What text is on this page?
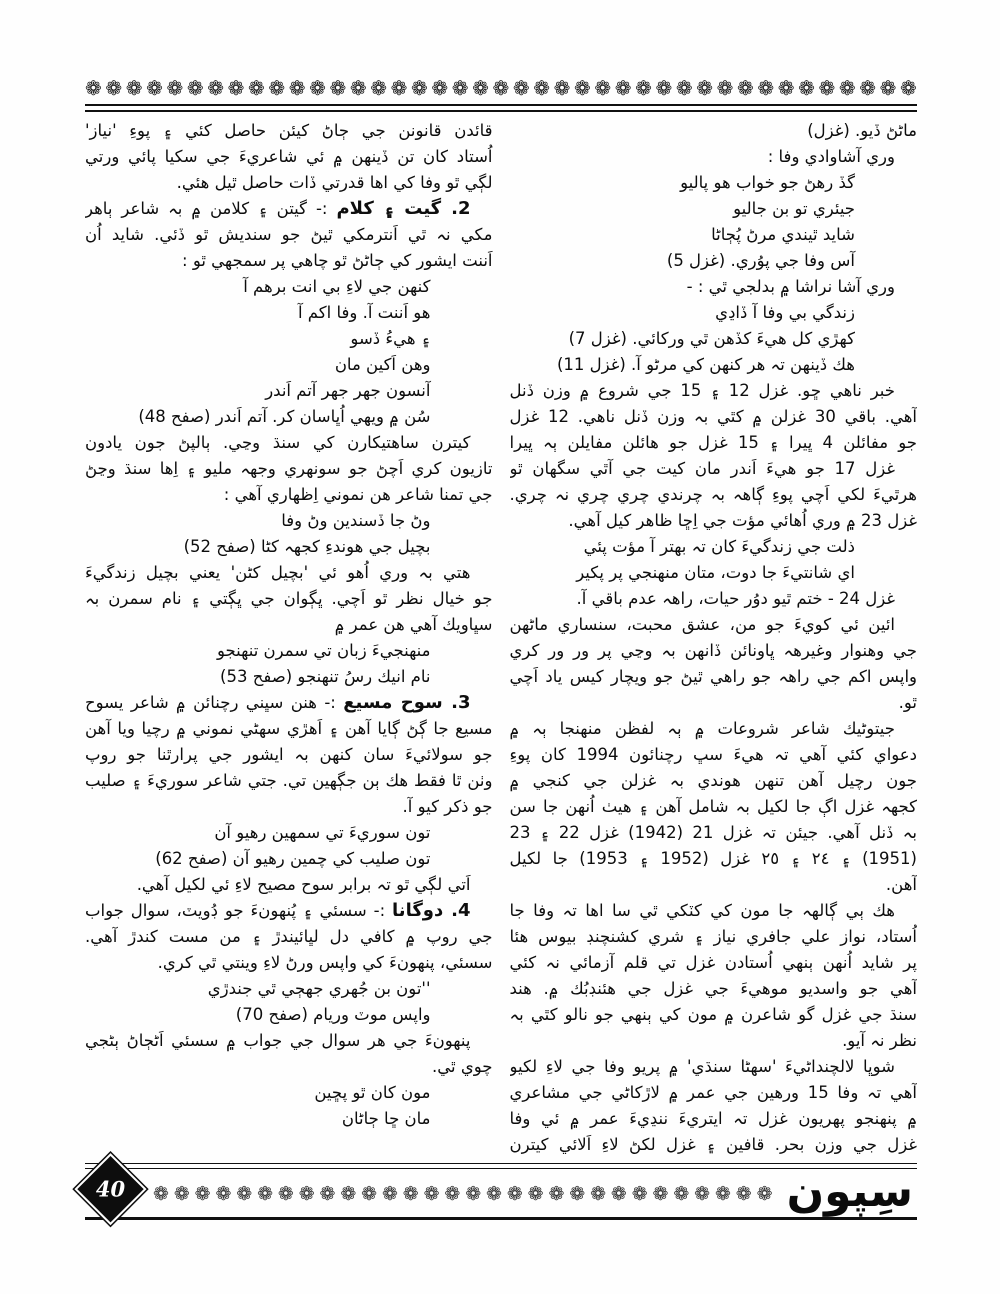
❁ ❁ ❁ ❁ ❁ ❁ ❁ ❁ ❁ ❁ ❁ ❁ ❁ ❁ ❁ ❁ ❁ ❁ ❁ ❁ ❁ ❁ ❁ ❁ ❁ ❁ ❁ ❁ ❁ ❁ ❁ ❁ ❁ ❁ ❁ ❁ ❁ ❁ ❁ ❁ ❁
ماڻڻ ڏيو. (غزل)
وري آشاوادي وفا :
گڏ رهڻ جو خواب هو پاليو
جيئري تو بن جاليو
شايد ٿيندي مرڻ پُڄاڻا
آس وفا جي پوُري. (غزل 5)
وري آشا نراشا ۾ بدلجي ٿي : -
زندگي بي وفا آ ڏاڍي
كهڙي كل هيءَ كڏهن ٿي وركائي. (غزل 7)
هك ڏينهن تہ هر كنهن كي مرڻو آ. (غزل 11)
خبر ناهي ڇو. غزل 12 ۽ 15 جي شروع ۾ وزن ڏنل
آهي. باقي 30 غزلن ۾ كٿي بہ وزن ڏنل ناهي. 12 غزل
جو مفائلن 4 ڀيرا ۽ 15 غزل جو هائلن مفايلن ٻہ ڀيرا
غزل 17 جو هيءَ اَندر مان كيت جي آٿي سگهان ٿو
هرٿيءَ لكي اَچي پوءِ ڳاهہ بہ چرندي چري چري نہ چري.
غزل 23 ۾ وري اُهائي مؤت جي اِڇا ظاهر كيل آهي.
ذلت جي زندگيءَ كان تہ بهتر آ مؤت پئي
اي شانتيءَ جا دوت، متان منهنجي پر پكير
غزل 24 - ختم ٿيو دوُر حيات، راهہ عدم باقي آ.
ائين ئي كويءَ جو من، عشق محبت، سنساري ماڻهن
جي وهنوار وغيرهہ ڀاونائن ڏانهن بہ وڃي پر ور ور كري
واپس اكم جي راهہ جو راهي ٿيڻ جو ويچار كيس ياد اَچي
ٿو.
جيتوڻيك شاعر شروعات ۾ ٻہ لفظن منهنجا ٻہ ۾
دعواي كئي آهي تہ هيءَ سڀ رچنائون 1994 كان پوءِ
جون رچيل آهن تنهن هوندي بہ غزلن جي كنجي ۾
كجهہ غزل اڳ جا لكيل بہ شامل آهن ۽ هيٺ اُنهن جا سن
بہ ڏنل آهي. جيئن تہ غزل 21 (1942) غزل 22 ۽ 23
(1951) ۽ ٢٤ ۽ ٢٥ غزل (1952 ۽ 1953) جا لكيل
آهن.
هك ٻي ڳالهہ جا مون كي كٽكي ٿي سا اها تہ وفا جا
اُستاد، نواز علي جافري نياز ۽ شري كشنچنڊ بيوس هئا
پر شايد اُنهن ٻنهي اُستادن غزل تي قلم آزمائي نہ كئي
آهي جو واسديو موهيءَ جي غزل جي هئنڊبُك ۾. هند
سنڌ جي غزل گو شاعرن ۾ مون كي ٻنهي جو نالو كٿي بہ
نظر نہ آيو.
شوڀا لالچنداڻيءَ 'سهڻا سنڌي' ۾ پريو وفا جي لاءِ لكيو
آهي تہ وفا 15 ورهين جي عمر ۾ لاڙكاڻي جي مشاعري
۾ پنهنجو پهريون غزل تہ ايتريءَ ننڍيءَ عمر ۾ ئي وفا
غزل جي وزن بحر. قافين ۽ غزل لكڻ لاءِ اَلائي كيترن
قائدن قانونن جي ڄاڻ كيئن حاصل كئي ۽ پوءِ 'نياز'
اُستاد كان تن ڏينهن ۾ ئي شاعريءَ جي سكيا پائي ورتي
لڳي ٿو وفا كي اها قدرتي ڏات حاصل ٿيل هئي.
2. گيت ۽ كلام :- گيتن ۽ كلامن ۾ بہ شاعر ٻاهر
مكي نہ ٿي اَنترمكي ٿيڻ جو سنديش ٿو ڏئي. شايد اُن
اَننت ايشور كي ڄاڻڻ ٿو چاهي پر سمجهي ٿو :
كنهن جي لاءِ بي انت برهم آ
هو اَننت آ. وفا اكم آ
۽ هيءُ ڏسو
وهن اَكين مان
آنسون جهر جهر آتم اَندر
سُن ۾ ويهي اُڀاسان كر. آتم اَندر (صفح 48)
كيترن ساهتيكارن كي سنڌ وڃي. ٻالپڻ جون يادون
تازيون كري اَچڻ جو سونهري وجهہ مليو ۽ اِها سنڌ وڃڻ
جي تمنا شاعر هن نموني اِظهاري آهي :
وڻ جا ڏسندين وڻ وفا
بچيل جي هوندءِ كجهہ كڻا (صفح 52)
هتي بہ وري اُهو ئي 'بچيل كڻن' يعني بچيل زندگيءَ
جو خيال نظر ٿو اَچي. ڀڳوان جي ڀڳتي ۽ نام سمرن بہ
سڀاويك آهي هن عمر ۾
منهنجيءَ زبان تي سمرن تنهنجو
نام انيك رسُ تنهنجو (صفح 53)
3. سوح مسيع :- هنن سڀني رچنائن ۾ شاعر يسوح
مسيع جا ڳڻ ڳايا آهن ۽ اَهڙي سهڻي نموني ۾ رچيا ويا آهن
جو سولائيءَ سان كنهن بہ ايشور جي پرارٿنا جو روپ
وٺن ٿا فقط هك ٻن جڳهين تي. جتي شاعر سوريءَ ۽ صليب
جو ذكر كيو آ.
تون سوريءَ تي سمهين رهيو آن
تون صليب كي چمين رهيو آن (صفح 62)
اَتي لڳي ٿو تہ برابر سوح مصيح لاءِ ئي لكيل آهي.
4. دوگانا :- سسئي ۽ پُنهونءَ جو ڊُويٽ، سوال جواب
جي روپ ۾ كافي دل لڀائيندڙ ۽ من مست كندڙ آهي.
سسئي، پنهونءَ كي واپس ورڻ لاءِ وينتي ٿي كري.
''تون بن جُهري جهڄي ٿي جندڙي
واپس موٽ وريام (صفح 70)
پنهونءَ جي هر سوال جي جواب ۾ سسئي اَڻڄاڻ ٻڻجي
چوي ٿي.
مون كان ٿو پڇين
مان ڇا ڄاڻان
40	❁ ❁ ❁ ❁ ❁ ❁ ❁ ❁ ❁ ❁ ❁ ❁ ❁ ❁ ❁ ❁ ❁ ❁ ❁ ❁ ❁ ❁ ❁ ❁ ❁ ❁ ❁ ❁ ❁ ❁ سِپون
